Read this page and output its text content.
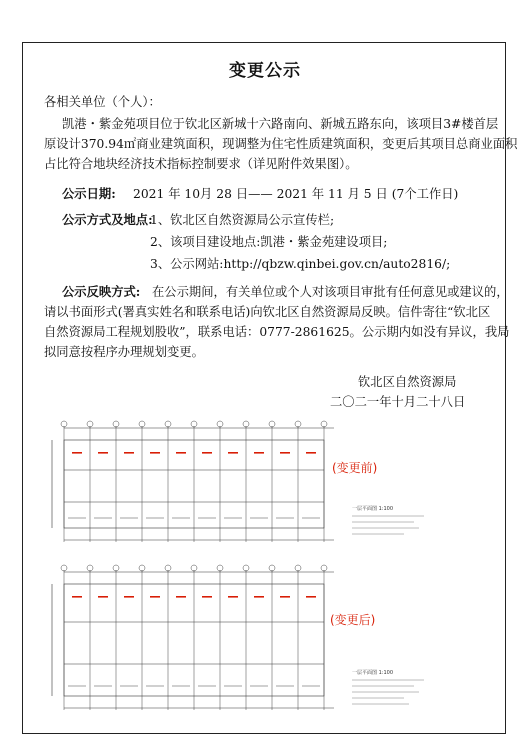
变更公示
各相关单位（个人）：
凯港・紫金苑项目位于钦北区新城十六路南向、新城五路东向，该项目3#楼首层
原设计370.94㎡商业建筑面积，现调整为住宅性质建筑面积，变更后其项目总商业面积
占比符合地块经济技术指标控制要求（详见附件效果图）。
公示日期: 2021 年 10月 28 日—— 2021 年 11 月 5 日 (7个工作日)
公示方式及地点:
1、钦北区自然资源局公示宣传栏;
2、该项目建设地点:凯港・紫金苑建设项目;
3、公示网站:http://qbzw.qinbei.gov.cn/auto2816/;
公示反映方式: 在公示期间，有关单位或个人对该项目审批有任何意见或建议的，
请以书面形式(署真实姓名和联系电话)向钦北区自然资源局反映。信件寄往“钦北区
自然资源局工程规划股收”，联系电话：0777-2861625。公示期内如没有异议，我局
拟同意按程序办理规划变更。
钦北区自然资源局
二〇二一年十月二十八日
(变更前)
一层平面图 1:100
(变更后)
一层平面图 1:100
